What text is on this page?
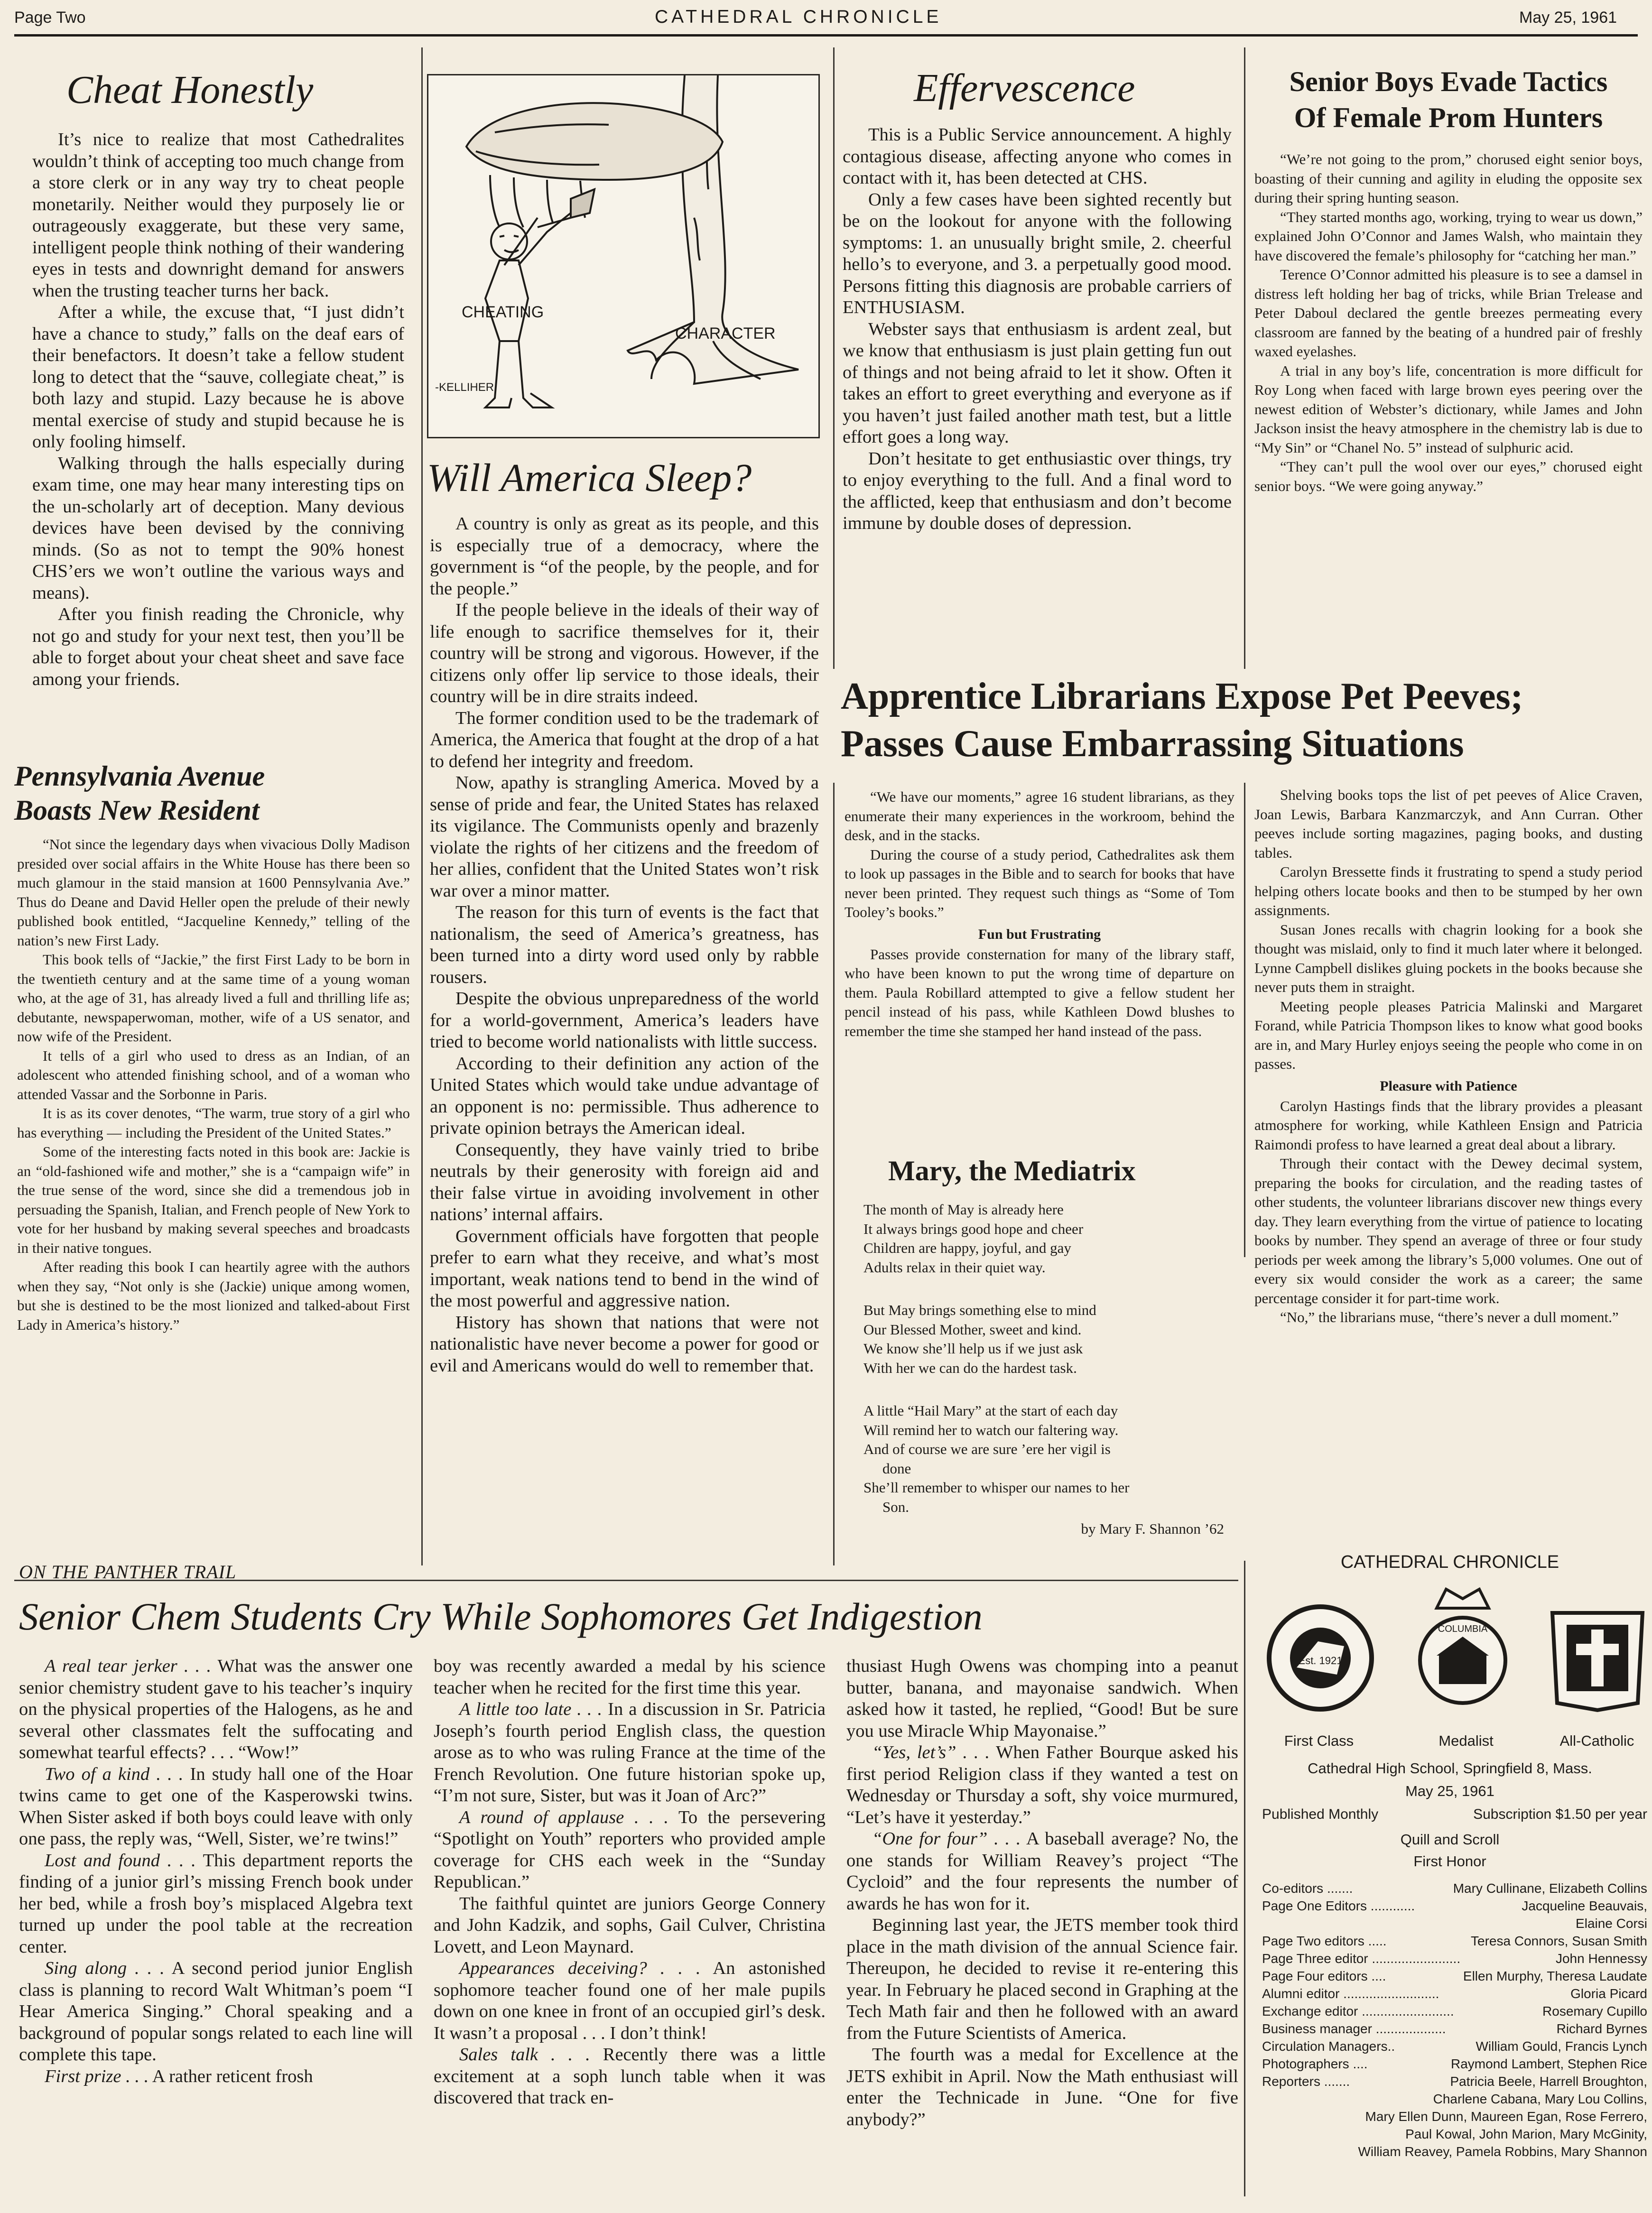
Page Two	CATHEDRAL CHRONICLE	May 25, 1961
Cheat Honestly

It’s nice to realize that most Cathedralites wouldn’t think of accepting too much change from a store clerk or in any way try to cheat people monetarily. Neither would they purposely lie or outrageously exaggerate, but these very same, intelligent people think nothing of their wandering eyes in tests and downright demand for answers when the trusting teacher turns her back.

After a while, the excuse that, “I just didn’t have a chance to study,” falls on the deaf ears of their benefactors. It doesn’t take a fellow student long to detect that the “sauve, collegiate cheat,” is both lazy and stupid. Lazy because he is above mental exercise of study and stupid because he is only fooling himself.

Walking through the halls especially during exam time, one may hear many interesting tips on the un-scholarly art of deception. Many devious devices have been devised by the conniving minds. (So as not to tempt the 90% honest CHS’ers we won’t outline the various ways and means).

After you finish reading the Chronicle, why not go and study for your next test, then you’ll be able to forget about your cheat sheet and save face among your friends.

Pennsylvania Avenue
Boasts New Resident

“Not since the legendary days when vivacious Dolly Madison presided over social affairs in the White House has there been so much glamour in the staid mansion at 1600 Pennsylvania Ave.” Thus do Deane and David Heller open the prelude of their newly published book entitled, “Jacqueline Kennedy,” telling of the nation’s new First Lady.

This book tells of “Jackie,” the first First Lady to be born in the twentieth century and at the same time of a young woman who, at the age of 31, has already lived a full and thrilling life as; debutante, newspaperwoman, mother, wife of a US senator, and now wife of the President.

It tells of a girl who used to dress as an Indian, of an adolescent who attended finishing school, and of a woman who attended Vassar and the Sorbonne in Paris.

It is as its cover denotes, “The warm, true story of a girl who has everything — including the President of the United States.”

Some of the interesting facts noted in this book are: Jackie is an “old-fashioned wife and mother,” she is a “campaign wife” in the true sense of the word, since she did a tremendous job in persuading the Spanish, Italian, and French people of New York to vote for her husband by making several speeches and broadcasts in their native tongues.

After reading this book I can heartily agree with the authors when they say, “Not only is she (Jackie) unique among women, but she is destined to be the most lionized and talked-about First Lady in America’s history.”

CHEATING
CHARACTER
-KELLIHER
Will America Sleep?

A country is only as great as its people, and this is especially true of a democracy, where the government is “of the people, by the people, and for the people.”

If the people believe in the ideals of their way of life enough to sacrifice themselves for it, their country will be strong and vigorous. However, if the citizens only offer lip service to those ideals, their country will be in dire straits indeed.

The former condition used to be the trademark of America, the America that fought at the drop of a hat to defend her integrity and freedom.

Now, apathy is strangling America. Moved by a sense of pride and fear, the United States has relaxed its vigilance. The Communists openly and brazenly violate the rights of her citizens and the freedom of her allies, confident that the United States won’t risk war over a minor matter.

The reason for this turn of events is the fact that nationalism, the seed of America’s greatness, has been turned into a dirty word used only by rabble rousers.

Despite the obvious unpreparedness of the world for a world-government, America’s leaders have tried to become world nationalists with little success.

According to their definition any action of the United States which would take undue advantage of an opponent is no: permissible. Thus adherence to private opinion betrays the American ideal.

Consequently, they have vainly tried to bribe neutrals by their generosity with foreign aid and their false virtue in avoiding involvement in other nations’ internal affairs.

Government officials have forgotten that people prefer to earn what they receive, and what’s most important, weak nations tend to bend in the wind of the most powerful and aggressive nation.

History has shown that nations that were not nationalistic have never become a power for good or evil and Americans would do well to remember that.

Effervescence

This is a Public Service announcement. A highly contagious disease, affecting anyone who comes in contact with it, has been detected at CHS.

Only a few cases have been sighted recently but be on the lookout for anyone with the following symptoms: 1. an unusually bright smile, 2. cheerful hello’s to everyone, and 3. a perpetually good mood. Persons fitting this diagnosis are probable carriers of ENTHUSIASM.

Webster says that enthusiasm is ardent zeal, but we know that enthusiasm is just plain getting fun out of things and not being afraid to let it show. Often it takes an effort to greet everything and everyone as if you haven’t just failed another math test, but a little effort goes a long way.

Don’t hesitate to get enthusiastic over things, try to enjoy everything to the full. And a final word to the afflicted, keep that enthusiasm and don’t become immune by double doses of depression.

Senior Boys Evade Tactics
Of Female Prom Hunters

“We’re not going to the prom,” chorused eight senior boys, boasting of their cunning and agility in eluding the opposite sex during their spring hunting season.

“They started months ago, working, trying to wear us down,” explained John O’Connor and James Walsh, who maintain they have discovered the female’s philosophy for “catching her man.”

Terence O’Connor admitted his pleasure is to see a damsel in distress left holding her bag of tricks, while Brian Trelease and Peter Daboul declared the gentle breezes permeating every classroom are fanned by the beating of a hundred pair of freshly waxed eyelashes.

A trial in any boy’s life, concentration is more difficult for Roy Long when faced with large brown eyes peering over the newest edition of Webster’s dictionary, while James and John Jackson insist the heavy atmosphere in the chemistry lab is due to “My Sin” or “Chanel No. 5” instead of sulphuric acid.

“They can’t pull the wool over our eyes,” chorused eight senior boys. “We were going anyway.”

Apprentice Librarians Expose Pet Peeves;
Passes Cause Embarrassing Situations

“We have our moments,” agree 16 student librarians, as they enumerate their many experiences in the workroom, behind the desk, and in the stacks.

During the course of a study period, Cathedralites ask them to look up passages in the Bible and to search for books that have never been printed. They request such things as “Some of Tom Tooley’s books.”

Fun but Frustrating

Passes provide consternation for many of the library staff, who have been known to put the wrong time of departure on them. Paula Robillard attempted to give a fellow student her pencil instead of his pass, while Kathleen Dowd blushes to remember the time she stamped her hand instead of the pass.

Shelving books tops the list of pet peeves of Alice Craven, Joan Lewis, Barbara Kanzmarczyk, and Ann Curran. Other peeves include sorting magazines, paging books, and dusting tables.

Carolyn Bressette finds it frustrating to spend a study period helping others locate books and then to be stumped by her own assignments.

Susan Jones recalls with chagrin looking for a book she thought was mislaid, only to find it much later where it belonged. Lynne Campbell dislikes gluing pockets in the books because she never puts them in straight.

Meeting people pleases Patricia Malinski and Margaret Forand, while Patricia Thompson likes to know what good books are in, and Mary Hurley enjoys seeing the people who come in on passes.

Pleasure with Patience

Carolyn Hastings finds that the library provides a pleasant atmosphere for working, while Kathleen Ensign and Patricia Raimondi profess to have learned a great deal about a library.

Through their contact with the Dewey decimal system, preparing the books for circulation, and the reading tastes of other students, the volunteer librarians discover new things every day. They learn everything from the virtue of patience to locating books by number. They spend an average of three or four study periods per week among the library’s 5,000 volumes. One out of every six would consider the work as a career; the same percentage consider it for part-time work.

“No,” the librarians muse, “there’s never a dull moment.”

Mary, the Mediatrix
The month of May is already here
It always brings good hope and cheer
Children are happy, joyful, and gay
Adults relax in their quiet way.
But May brings something else to mind
Our Blessed Mother, sweet and kind.
We know she’ll help us if we just ask
With her we can do the hardest task.
A little “Hail Mary” at the start of each day
Will remind her to watch our faltering way.
And of course we are sure ’ere her vigil is
done
She’ll remember to whisper our names to her
Son.
by Mary F. Shannon ’62
ON THE PANTHER TRAIL
Senior Chem Students Cry While Sophomores Get Indigestion

A real tear jerker . . . What was the answer one senior chemistry student gave to his teacher’s inquiry on the physical properties of the Halogens, as he and several other classmates felt the suffocating and somewhat tearful effects? . . . “Wow!”

Two of a kind . . . In study hall one of the Hoar twins came to get one of the Kasperowski twins. When Sister asked if both boys could leave with only one pass, the reply was, “Well, Sister, we’re twins!”

Lost and found . . . This department reports the finding of a junior girl’s missing French book under her bed, while a frosh boy’s misplaced Algebra text turned up under the pool table at the recreation center.

Sing along . . . A second period junior English class is planning to record Walt Whitman’s poem “I Hear America Singing.” Choral speaking and a background of popular songs related to each line will complete this tape.

First prize . . . A rather reticent frosh

boy was recently awarded a medal by his science teacher when he recited for the first time this year.

A little too late . . . In a discussion in Sr. Patricia Joseph’s fourth period English class, the question arose as to who was ruling France at the time of the French Revolution. One future historian spoke up, “I’m not sure, Sister, but was it Joan of Arc?”

A round of applause . . . To the persevering “Spotlight on Youth” reporters who provided ample coverage for CHS each week in the “Sunday Republican.”

The faithful quintet are juniors George Connery and John Kadzik, and sophs, Gail Culver, Christina Lovett, and Leon Maynard.

Appearances deceiving? . . . An astonished sophomore teacher found one of her male pupils down on one knee in front of an occupied girl’s desk. It wasn’t a proposal . . . I don’t think!

Sales talk . . . Recently there was a little excitement at a soph lunch table when it was discovered that track en-

thusiast Hugh Owens was chomping into a peanut butter, banana, and mayonaise sandwich. When asked how it tasted, he replied, “Good! But be sure you use Miracle Whip Mayonaise.”

“Yes, let’s” . . . When Father Bourque asked his first period Religion class if they wanted a test on Wednesday or Thursday a soft, shy voice murmured, “Let’s have it yesterday.”

“One for four” . . . A baseball average? No, the one stands for William Reavey’s project “The Cycloid” and the four represents the number of awards he has won for it.

Beginning last year, the JETS member took third place in the math division of the annual Science fair. Thereupon, he decided to revise it re-entering this year. In February he placed second in Graphing at the Tech Math fair and then he followed with an award from the Future Scientists of America.

The fourth was a medal for Excellence at the JETS exhibit in April. Now the Math enthusiast will enter the Technicade in June. “One for five anybody?”

CATHEDRAL CHRONICLE
Est. 1921
COLUMBIA
First Class	Medalist	All-Catholic
Cathedral High School, Springfield 8, Mass.
May 25, 1961
Published Monthly	Subscription $1.50 per year
Quill and Scroll
First Honor
Co-editors .......	Mary Cullinane, Elizabeth Collins
Page One Editors ............	Jacqueline Beauvais,
Elaine Corsi
Page Two editors .....	Teresa Connors, Susan Smith
Page Three editor ........................	John Hennessy
Page Four editors ....	Ellen Murphy, Theresa Laudate
Alumni editor ..........................	Gloria Picard
Exchange editor .........................	Rosemary Cupillo
Business manager ...................	Richard Byrnes
Circulation Managers..	William Gould, Francis Lynch
Photographers ....	Raymond Lambert, Stephen Rice
Reporters .......	Patricia Beele, Harrell Broughton,
Charlene Cabana, Mary Lou Collins,
Mary Ellen Dunn, Maureen Egan, Rose Ferrero,
Paul Kowal, John Marion, Mary McGinity,
William Reavey, Pamela Robbins, Mary Shannon
